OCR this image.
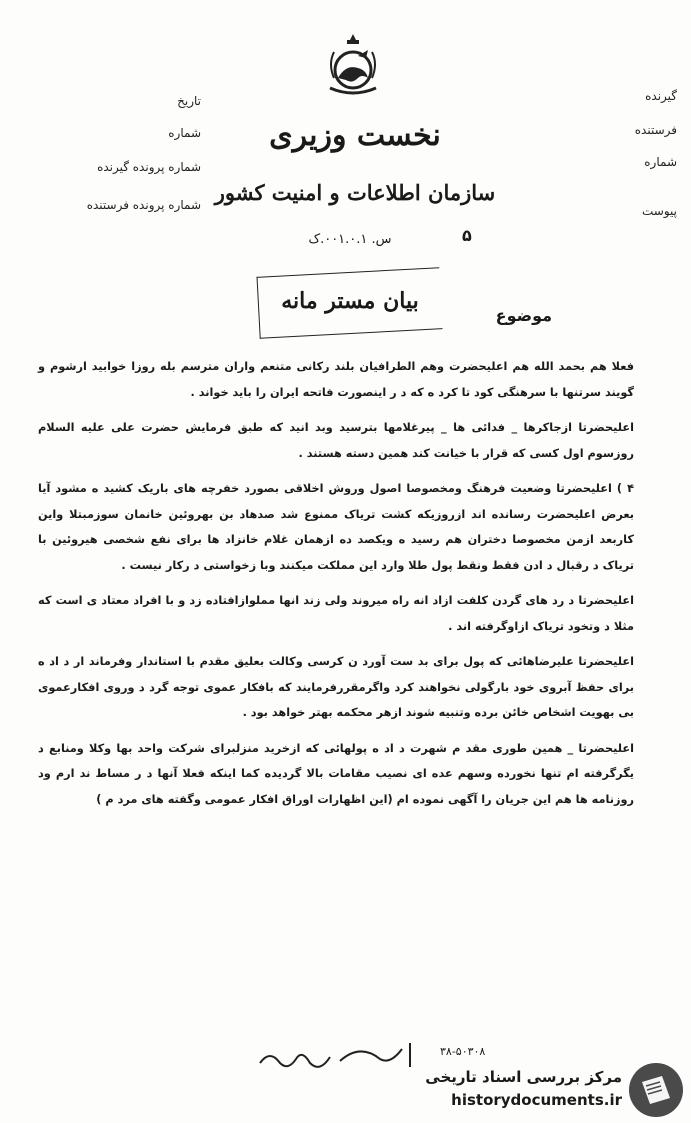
نخست وزیری
سازمان اطلاعات و امنیت کشور
س. ۰۰۱.۰.۱.ک	۵
تاریخ
شماره
شماره پرونده گیرنده
شماره پرونده فرستنده
گیرنده
فرستنده
شماره
پیوست
بیان مستر مانه
موضوع

فعلا هم بحمد الله هم اعلیحضرت وهم الطرافیان بلند رکانی متنعم واران مترسم بله روزا خوابید ارشوم و گویند سرتنها با سرهنگی کود تا کرد ه که د ر اینصورت فاتحه ایران را باید خواند .

اعلیحضرتا ازجاکرها _ فدائی ها _ پیرغلامها بترسید وبد انید که طبق فرمایش حضرت علی علیه السلام روزسوم اول کسی که قرار با خیانت کند همین دسته هستند .

۴ ) اعلیحضرتا وضعیت فرهنگ ومخصوصا اصول وروش اخلاقی بصورد خفرچه های باریک کشید ه مشود آیا بعرض اعلیحضرت رسانده اند ازروزیکه کشت تریاک ممنوع شد صدهاد بن بهروئین خانمان سوزمبتلا واین کاربعد ازمن مخصوصا دختران هم رسید ه ویکصد ده ازهمان غلام خانزاد ها برای نفع شخصی هیروئین با تریاک د رقبال د ادن فقط ونقط پول طلا وارد این مملکت میکنند وبا زخواستی د رکار نیست .

اعلیحضرتا د رد های گردن کلفت ازاد انه راه میروند ولی زند انها مملوازافتاده زد و با افراد معتاد ی است که مثلا د وتخود تریاک ازاوگرفته اند .

اعلیحضرتا علیرضاهائی که پول برای بد ست آورد ن کرسی وکالت بعلیق مقدم با استاندار وفرماند ار د اد ه برای حفظ آبروی خود بارگولی نخواهند کرد واگرمقررفرمایند که بافکار عموی توجه گرد د وروی افکارعموی بی بهویت اشخاص خائن برده وتنبیه شوند ازهر محکمه بهتر خواهد بود .

اعلیحضرتا _ همین طوری مقد م شهرت د اد ه پولهائی که ازخرید منزلبرای شرکت واحد بها وکلا ومنابع د یگرگرفته ام تنها نخورده وسهم عده ای نصیب مقامات بالا گردیده کما اینکه فعلا آنها د ر مساط ند ارم ود روزنامه ها هم این جریان را آگهی نموده ام (این اظهارات اوراق افکار عمومی وگفته های مرد م )

۳۸-۵۰۳۰۸
مرکز بررسی اسناد تاریخی
historydocuments.ir
